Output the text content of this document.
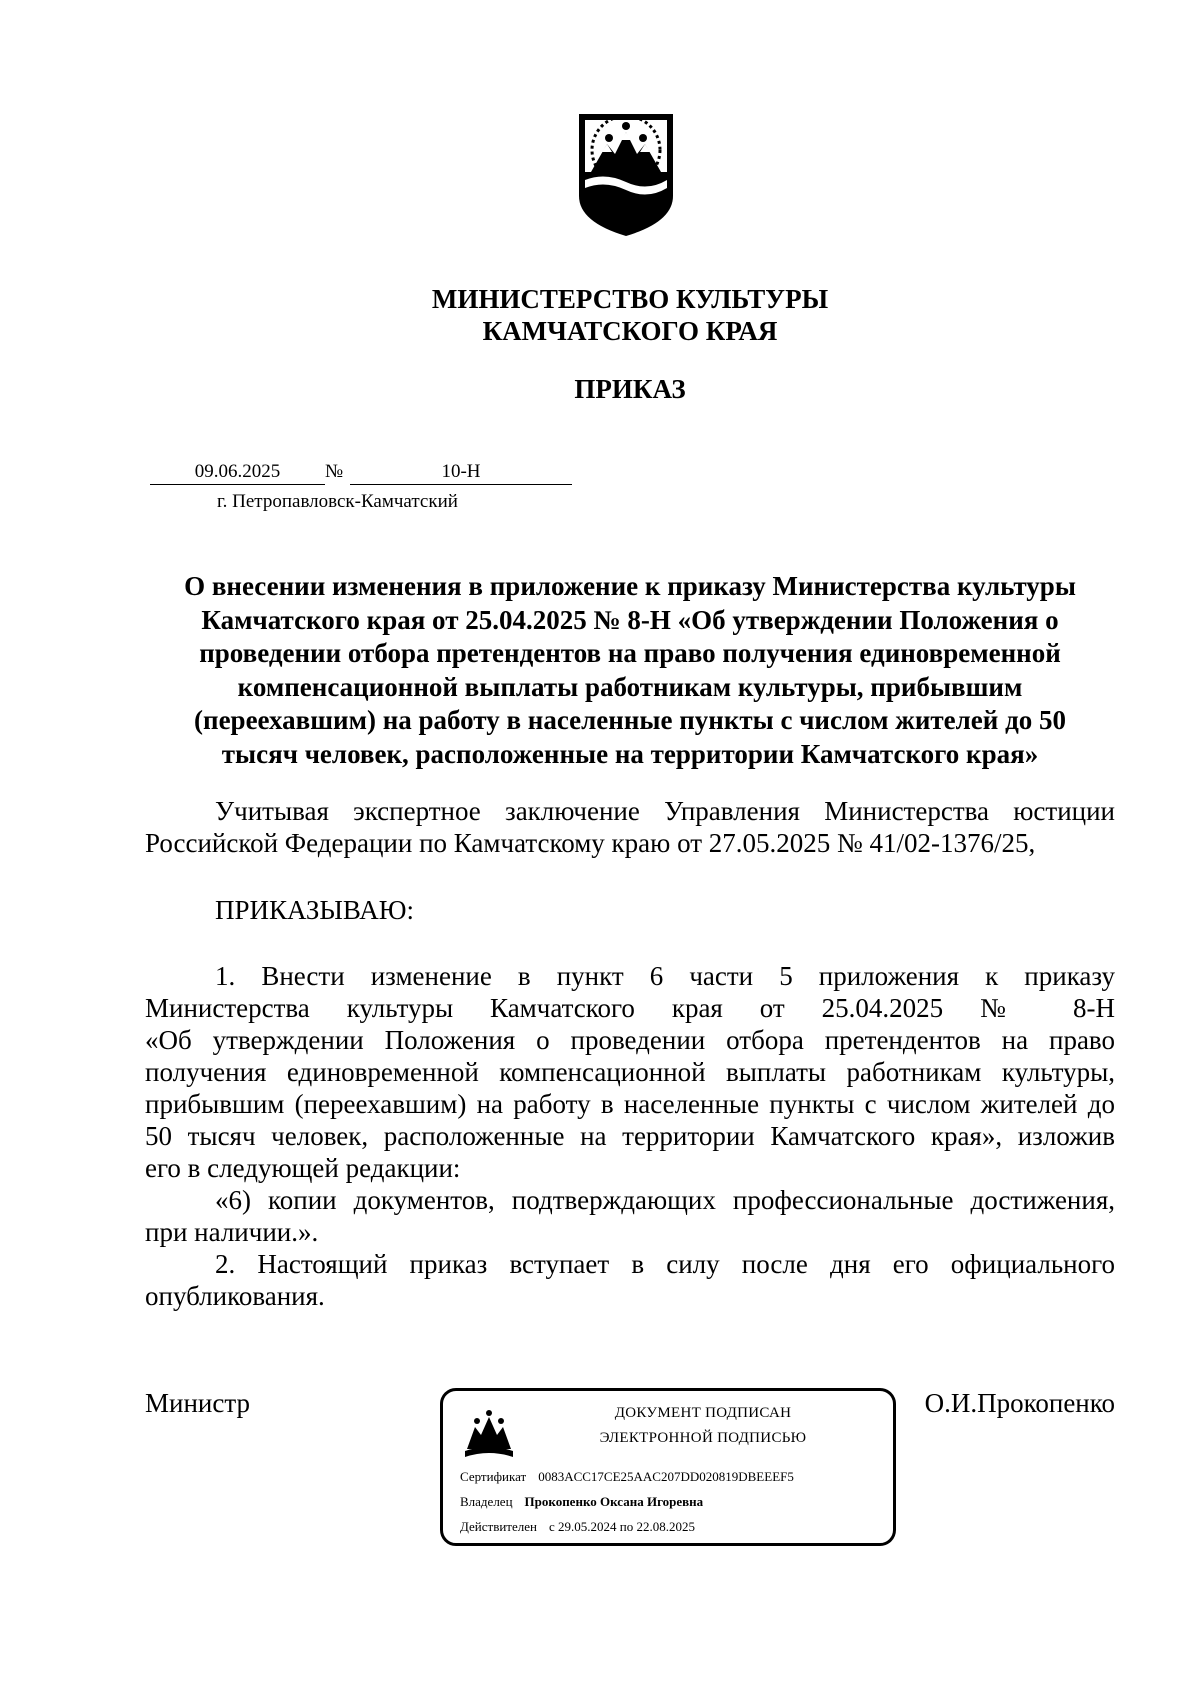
МИНИСТЕРСТВО КУЛЬТУРЫ
КАМЧАТСКОГО КРАЯ
ПРИКАЗ
09.06.2025	№	10-Н
г. Петропавловск-Камчатский
О внесении изменения в приложение к приказу Министерства культуры
Камчатского края от 25.04.2025 № 8-Н «Об утверждении Положения о
проведении отбора претендентов на право получения единовременной
компенсационной выплаты работникам культуры, прибывшим
(переехавшим) на работу в населенные пункты с числом жителей до 50
тысяч человек, расположенные на территории Камчатского края»
Учитывая экспертное заключение Управления Министерства юстиции
Российской Федерации по Камчатскому краю от 27.05.2025 № 41/02-1376/25,
ПРИКАЗЫВАЮ:
1. Внести изменение в пункт 6 части 5 приложения к приказу
Министерства культуры Камчатского края от 25.04.2025 № 8-Н
«Об утверждении Положения о проведении отбора претендентов на право
получения единовременной компенсационной выплаты работникам культуры,
прибывшим (переехавшим) на работу в населенные пункты с числом жителей до
50 тысяч человек, расположенные на территории Камчатского края», изложив
его в следующей редакции:
«6) копии документов, подтверждающих профессиональные достижения,
при наличии.».
2. Настоящий приказ вступает в силу после дня его официального
опубликования.
Министр	О.И.Прокопенко
ДОКУМЕНТ ПОДПИСАН
ЭЛЕКТРОННОЙ ПОДПИСЬЮ
Сертификат 0083ACC17CE25AAC207DD020819DBEEEF5
Владелец Прокопенко Оксана Игоревна
Действителен с 29.05.2024 по 22.08.2025
